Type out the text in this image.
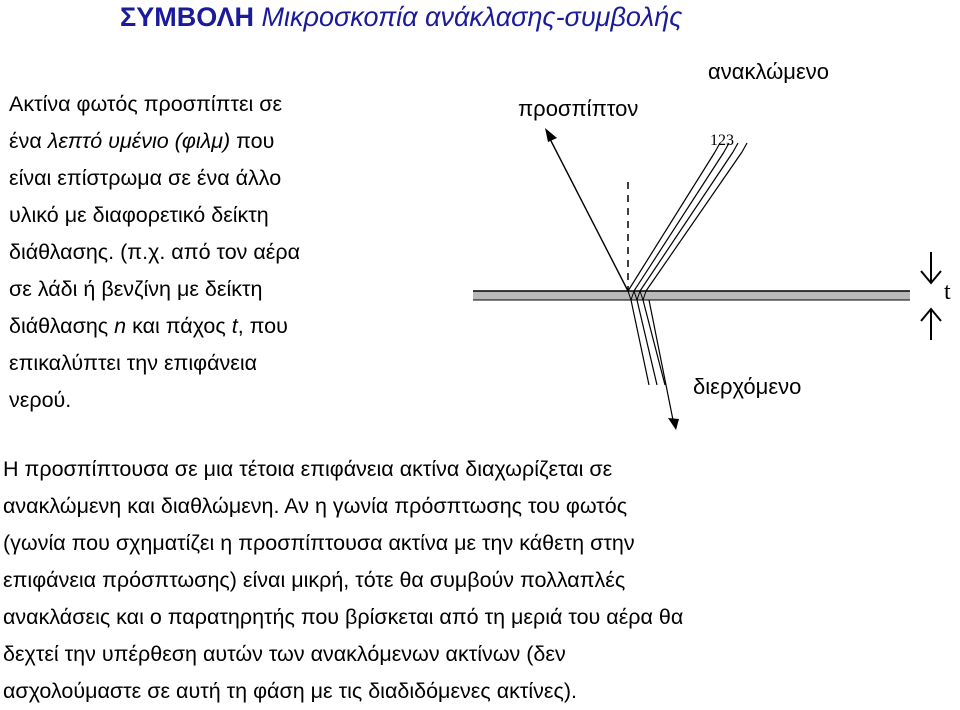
ΣΥΜΒΟΛΗ Μικροσκοπία ανάκλασης-συμβολής
Ακτίνα φωτός προσπίπτει σε
ένα λεπτό υμένιο (φιλμ) που
είναι επίστρωμα σε ένα άλλο
υλικό με διαφορετικό δείκτη
διάθλασης. (π.χ. από τον αέρα
σε λάδι ή βενζίνη με δείκτη
διάθλασης n και πάχος t, που
επικαλύπτει την επιφάνεια
νερού.
προσπίπτον
ανακλώμενο
διερχόμενο
123
t
Η προσπίπτουσα σε μια τέτοια επιφάνεια ακτίνα διαχωρίζεται σε
ανακλώμενη και διαθλώμενη. Αν η γωνία πρόσπτωσης του φωτός
(γωνία που σχηματίζει η προσπίπτουσα ακτίνα με την κάθετη στην
επιφάνεια πρόσπτωσης) είναι μικρή, τότε θα συμβούν πολλαπλές
ανακλάσεις και ο παρατηρητής που βρίσκεται από τη μεριά του αέρα θα
δεχτεί την υπέρθεση αυτών των ανακλόμενων ακτίνων (δεν
ασχολούμαστε σε αυτή τη φάση με τις διαδιδόμενες ακτίνες).
